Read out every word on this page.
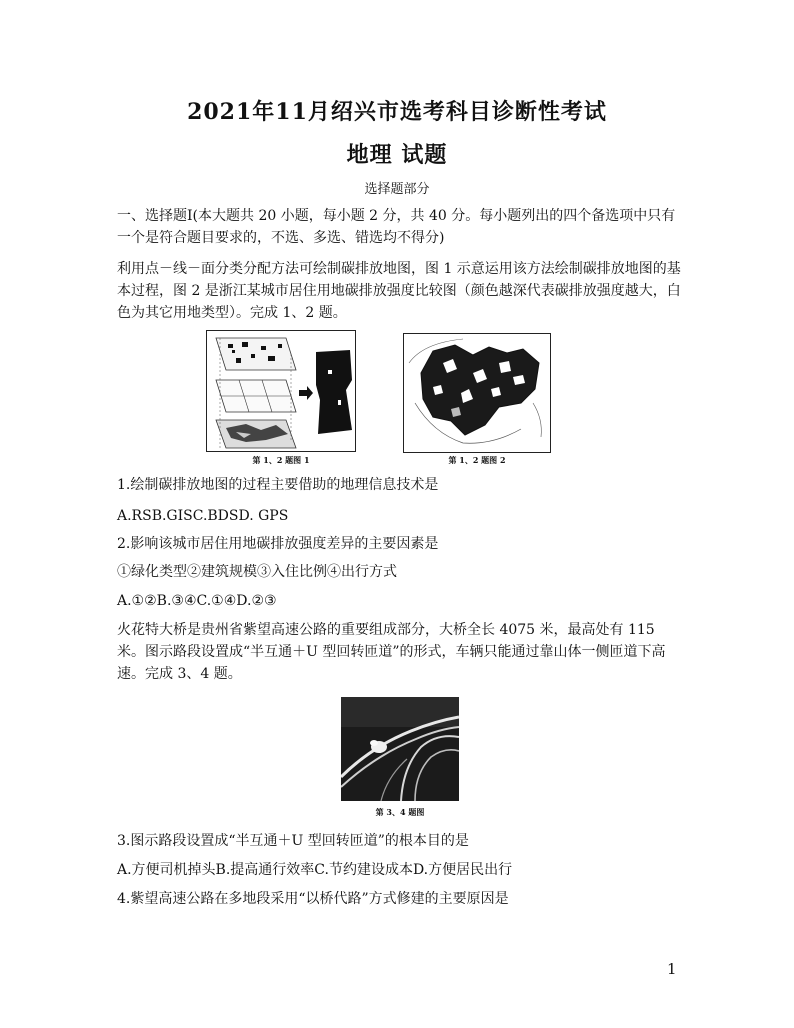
2021年11月绍兴市选考科目诊断性考试
地理 试题
选择题部分
一、选择题Ⅰ(本大题共 20 小题，每小题 2 分，共 40 分。每小题列出的四个备选项中只有一个是符合题目要求的，不选、多选、错选均不得分)
利用点－线－面分类分配方法可绘制碳排放地图，图 1 示意运用该方法绘制碳排放地图的基本过程，图 2 是浙江某城市居住用地碳排放强度比较图（颜色越深代表碳排放强度越大，白色为其它用地类型）。完成 1、2 题。
第 1、2 题图 1	第 1、2 题图 2
1.绘制碳排放地图的过程主要借助的地理信息技术是
A.RSB.GISC.BDSD. GPS
2.影响该城市居住用地碳排放强度差异的主要因素是
①绿化类型②建筑规模③入住比例④出行方式
A.①②B.③④C.①④D.②③
火花特大桥是贵州省紫望高速公路的重要组成部分，大桥全长 4075 米，最高处有 115 米。图示路段设置成“半互通＋U 型回转匝道”的形式，车辆只能通过靠山体一侧匝道下高速。完成 3、4 题。
第 3、4 题图
3.图示路段设置成“半互通＋U 型回转匝道”的根本目的是
A.方便司机掉头B.提高通行效率C.节约建设成本D.方便居民出行
4.紫望高速公路在多地段采用“以桥代路”方式修建的主要原因是
1
